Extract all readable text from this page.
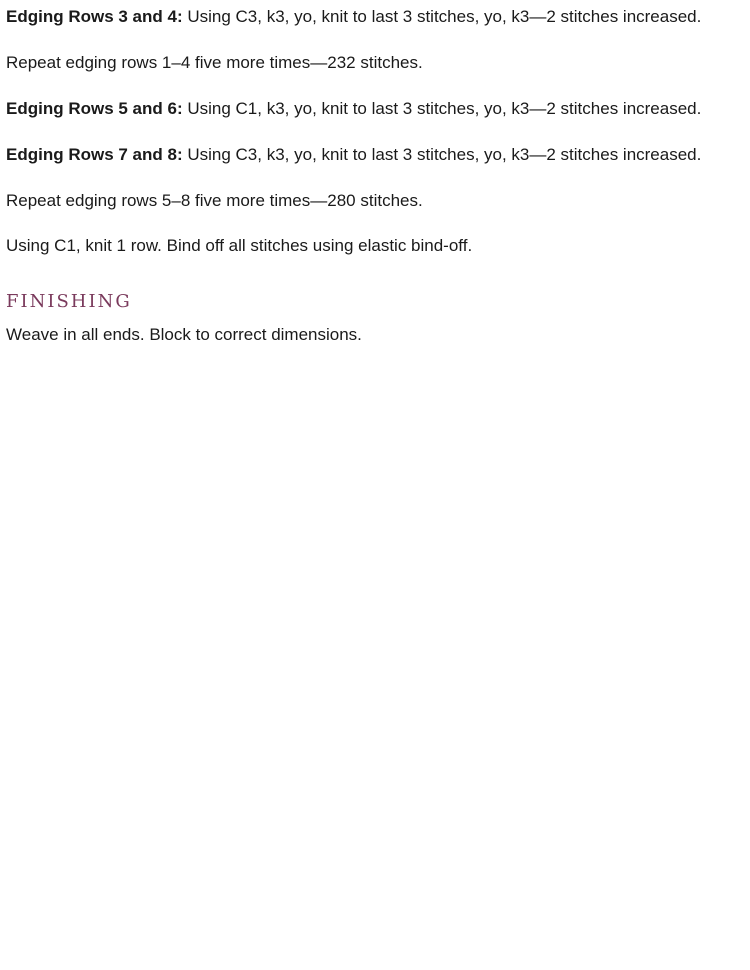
Edging Rows 3 and 4: Using C3, k3, yo, knit to last 3 stitches, yo, k3—2 stitches increased.

Repeat edging rows 1–4 five more times—232 stitches.

Edging Rows 5 and 6: Using C1, k3, yo, knit to last 3 stitches, yo, k3—2 stitches increased.

Edging Rows 7 and 8: Using C3, k3, yo, knit to last 3 stitches, yo, k3—2 stitches increased.

Repeat edging rows 5–8 five more times—280 stitches.

Using C1, knit 1 row. Bind off all stitches using elastic bind-off.

FINISHING

Weave in all ends. Block to correct dimensions.
